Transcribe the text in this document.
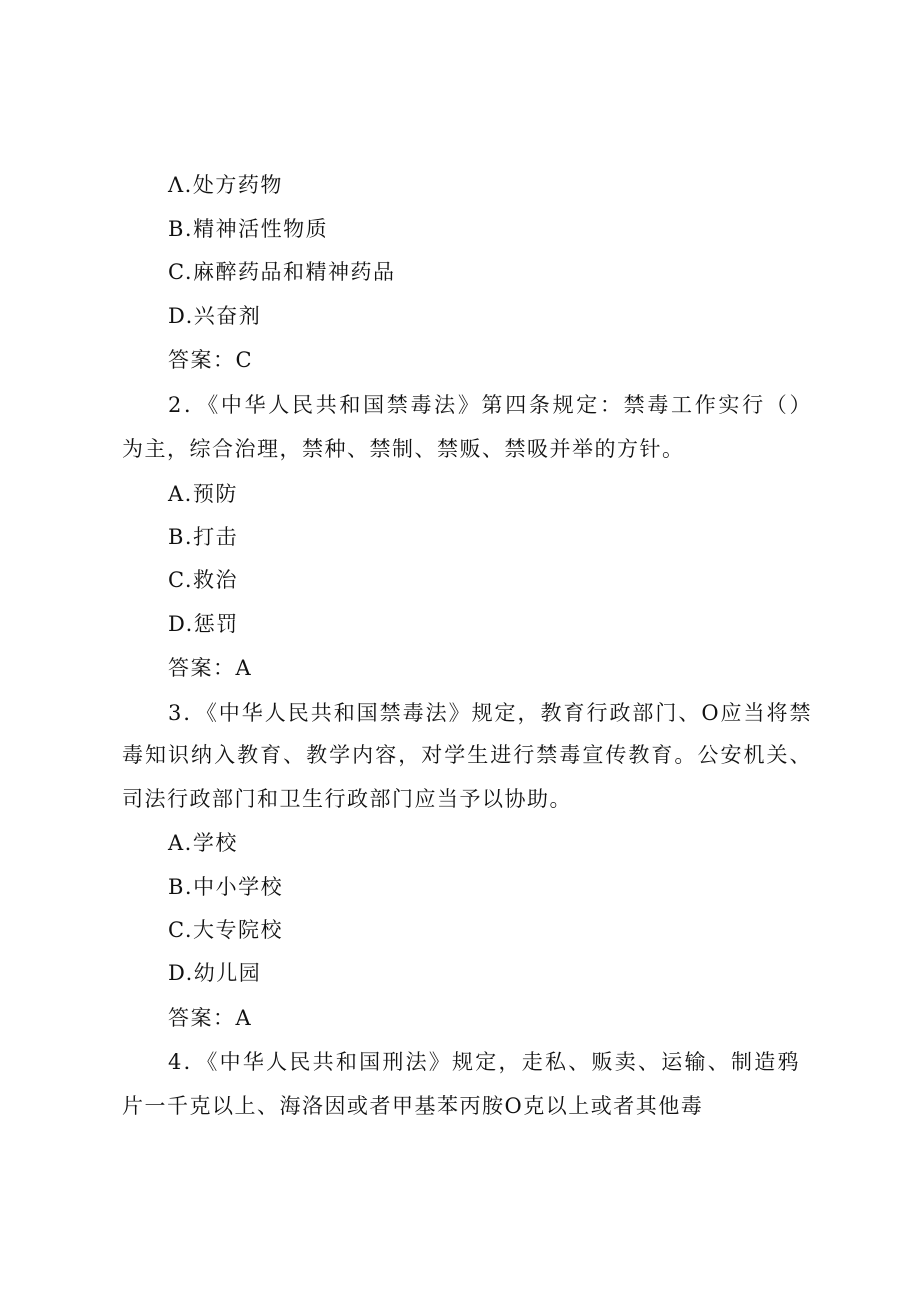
Λ.处方药物
B.精神活性物质
C.麻醉药品和精神药品
D.兴奋剂
答案：C
2．《中华人民共和国禁毒法》第四条规定：禁毒工作实行（）
为主，综合治理，禁种、禁制、禁贩、禁吸并举的方针。
A.预防
B.打击
C.救治
D.惩罚
答案：A
3．《中华人民共和国禁毒法》规定，教育行政部门、O应当将禁
毒知识纳入教育、教学内容，对学生进行禁毒宣传教育。公安机关、
司法行政部门和卫生行政部门应当予以协助。
A.学校
B.中小学校
C.大专院校
D.幼儿园
答案：A
4．《中华人民共和国刑法》规定，走私、贩卖、运输、制造鸦
片一千克以上、海洛因或者甲基苯丙胺O克以上或者其他毒
